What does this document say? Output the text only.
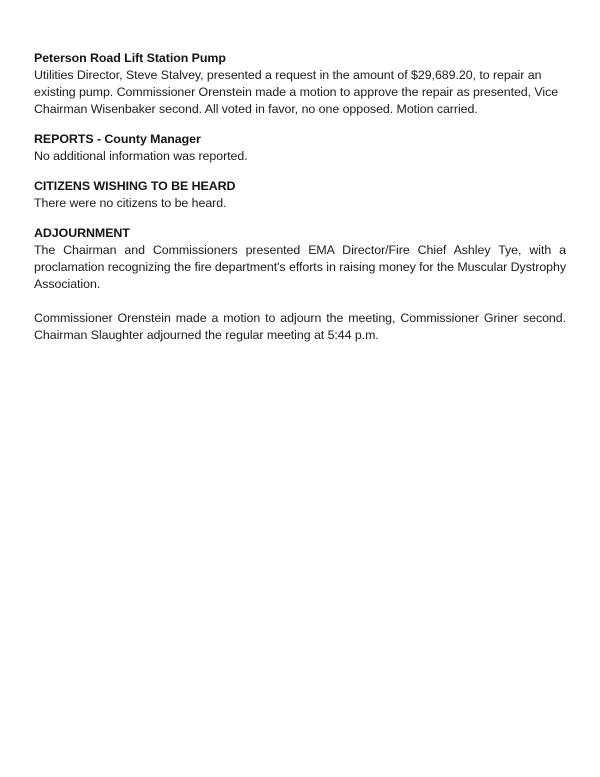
Peterson Road Lift Station Pump

Utilities Director, Steve Stalvey, presented a request in the amount of $29,689.20, to repair an existing pump. Commissioner Orenstein made a motion to approve the repair as presented, Vice Chairman Wisenbaker second. All voted in favor, no one opposed. Motion carried.

REPORTS - County Manager

No additional information was reported.

CITIZENS WISHING TO BE HEARD

There were no citizens to be heard.

ADJOURNMENT

The Chairman and Commissioners presented EMA Director/Fire Chief Ashley Tye, with a proclamation recognizing the fire department's efforts in raising money for the Muscular Dystrophy Association.

Commissioner Orenstein made a motion to adjourn the meeting, Commissioner Griner second. Chairman Slaughter adjourned the regular meeting at 5:44 p.m.
